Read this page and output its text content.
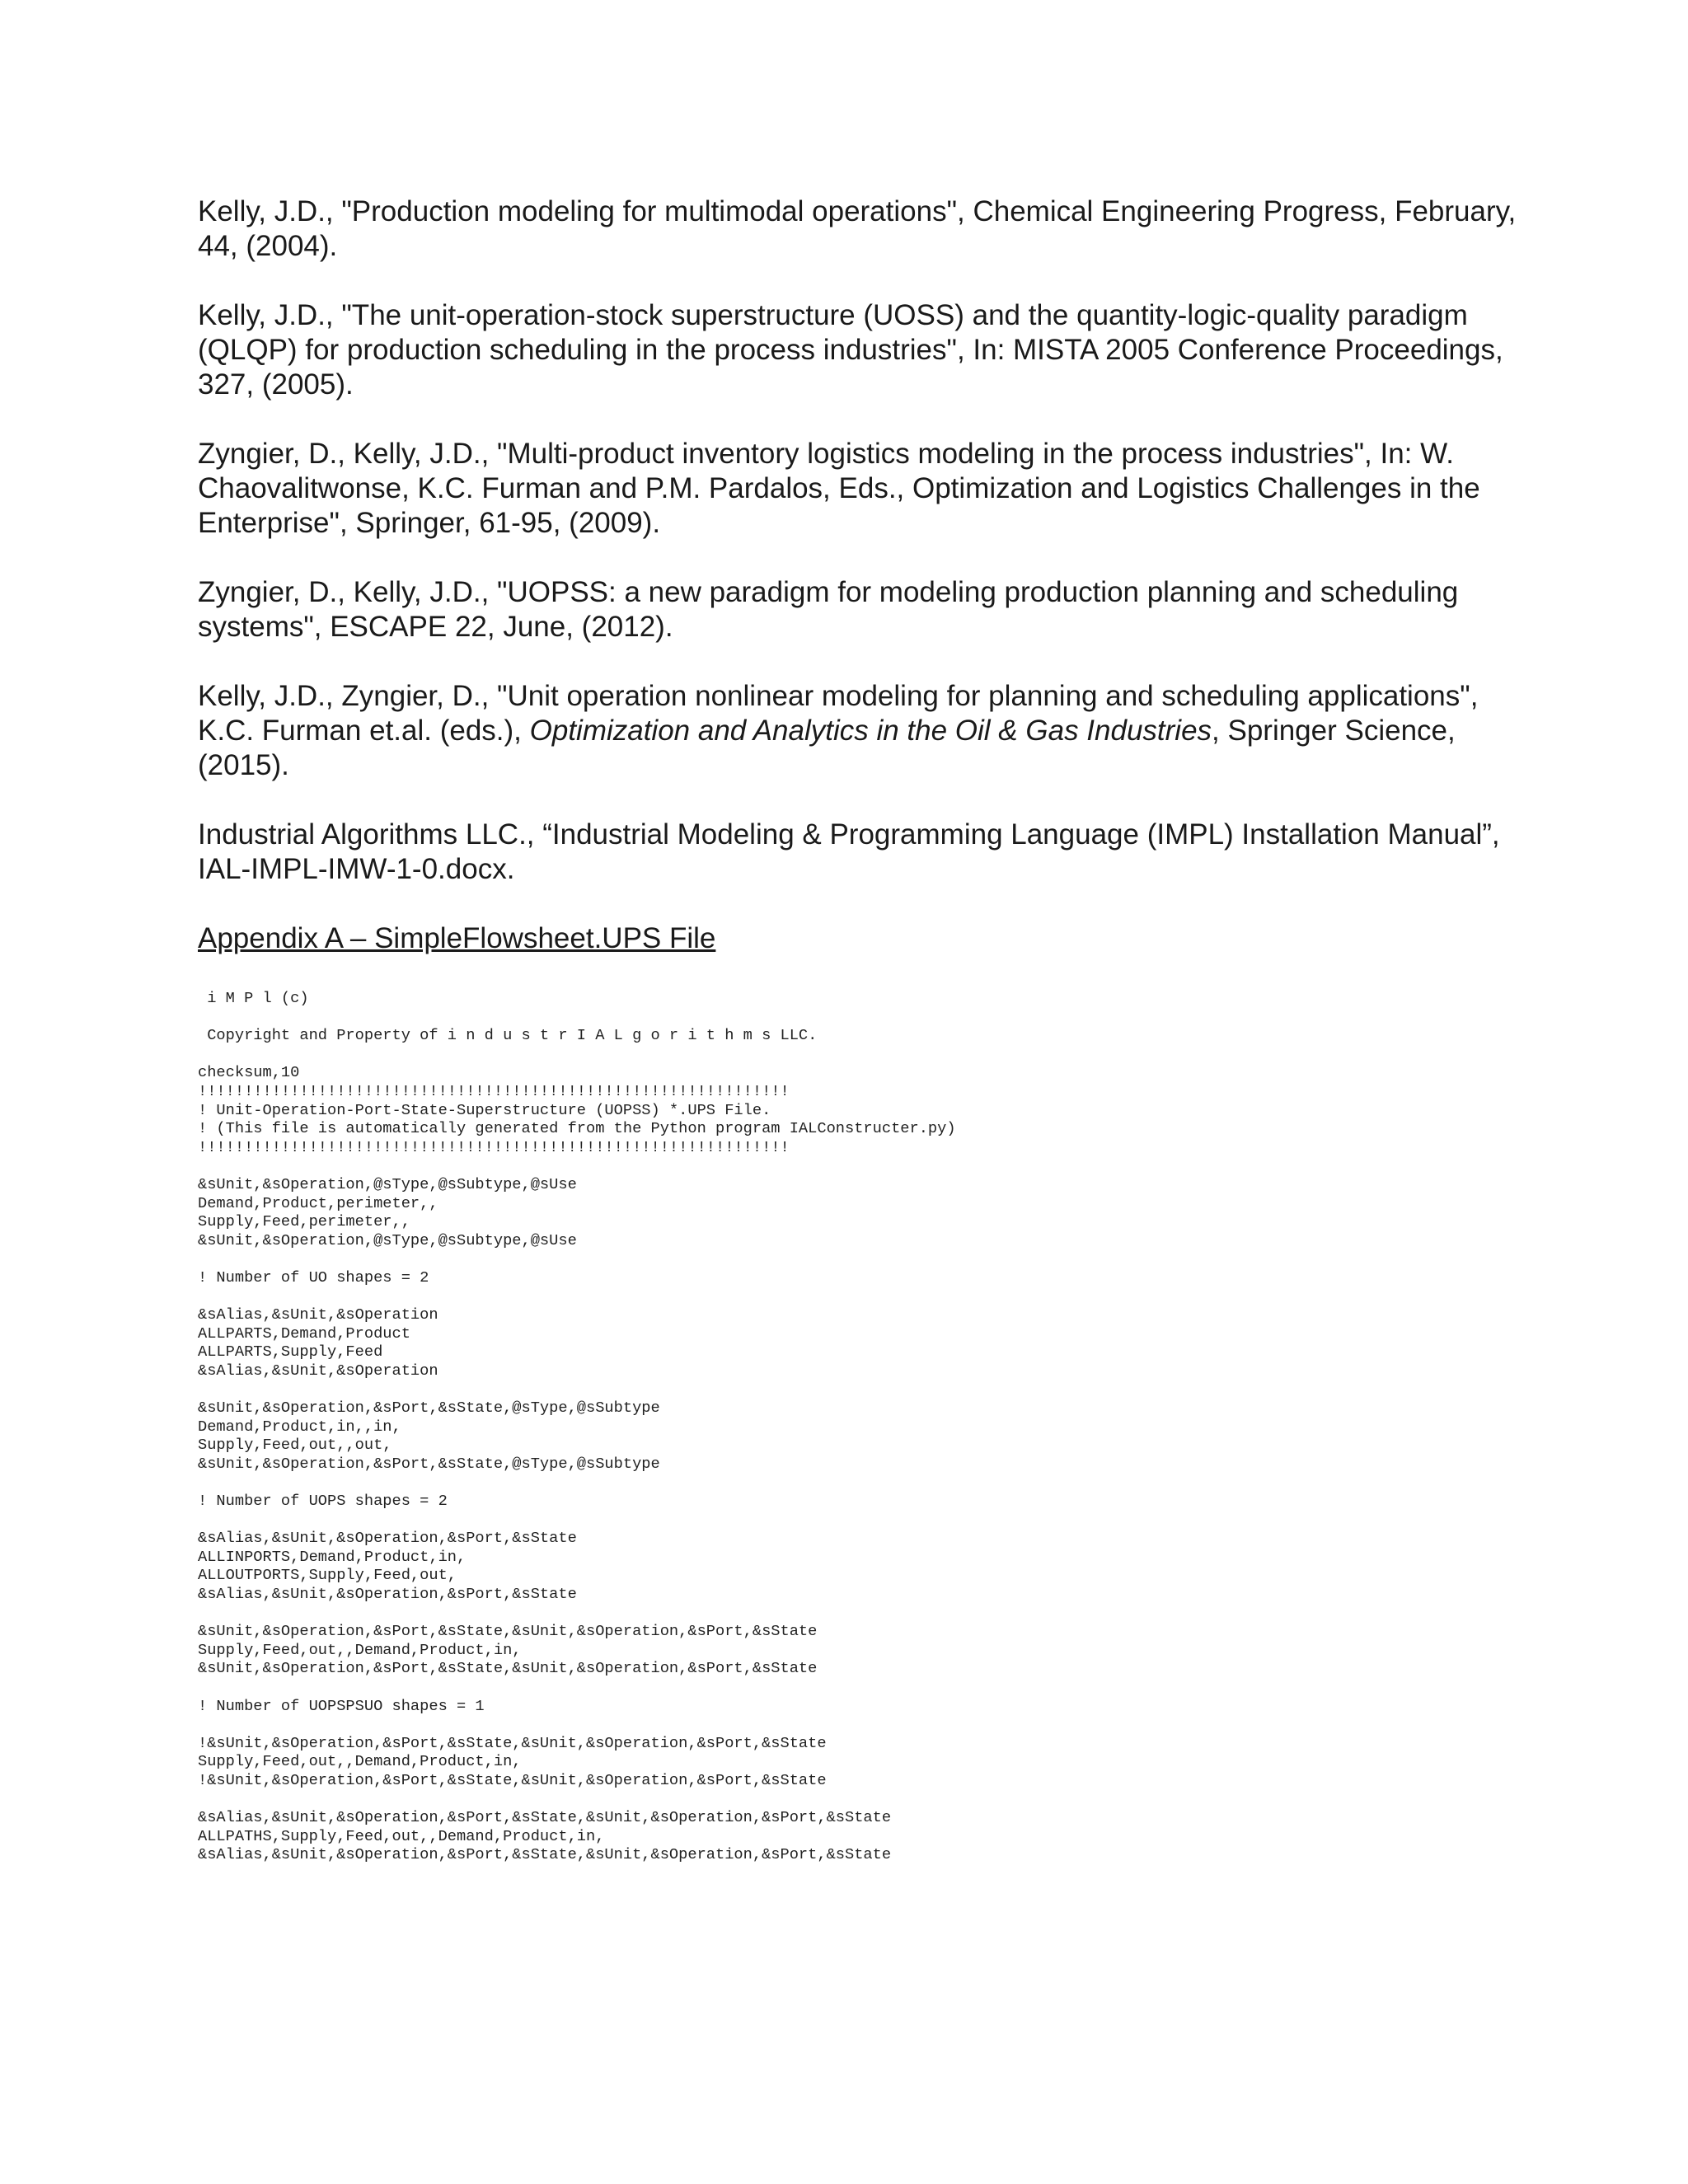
Kelly, J.D., "Production modeling for multimodal operations", Chemical Engineering Progress, February, 44, (2004).

Kelly, J.D., "The unit-operation-stock superstructure (UOSS) and the quantity-logic-quality paradigm (QLQP) for production scheduling in the process industries", In: MISTA 2005 Conference Proceedings, 327, (2005).

Zyngier, D., Kelly, J.D., "Multi-product inventory logistics modeling in the process industries", In: W. Chaovalitwonse, K.C. Furman and P.M. Pardalos, Eds., Optimization and Logistics Challenges in the Enterprise", Springer, 61-95, (2009).

Zyngier, D., Kelly, J.D., "UOPSS: a new paradigm for modeling production planning and scheduling systems", ESCAPE 22, June, (2012).

Kelly, J.D., Zyngier, D., "Unit operation nonlinear modeling for planning and scheduling applications", K.C. Furman et.al. (eds.), Optimization and Analytics in the Oil & Gas Industries, Springer Science, (2015).

Industrial Algorithms LLC., “Industrial Modeling & Programming Language (IMPL) Installation Manual”, IAL-IMPL-IMW-1-0.docx.

Appendix A – SimpleFlowsheet.UPS File

i M P l (c)
Copyright and Property of i n d u s t r I A L g o r i t h m s LLC.
checksum,10
!!!!!!!!!!!!!!!!!!!!!!!!!!!!!!!!!!!!!!!!!!!!!!!!!!!!!!!!!!!!!!!!
! Unit-Operation-Port-State-Superstructure (UOPSS) *.UPS File.
! (This file is automatically generated from the Python program IALConstructer.py)
!!!!!!!!!!!!!!!!!!!!!!!!!!!!!!!!!!!!!!!!!!!!!!!!!!!!!!!!!!!!!!!!
&sUnit,&sOperation,@sType,@sSubtype,@sUse
Demand,Product,perimeter,,
Supply,Feed,perimeter,,
&sUnit,&sOperation,@sType,@sSubtype,@sUse
! Number of UO shapes = 2
&sAlias,&sUnit,&sOperation
ALLPARTS,Demand,Product
ALLPARTS,Supply,Feed
&sAlias,&sUnit,&sOperation
&sUnit,&sOperation,&sPort,&sState,@sType,@sSubtype
Demand,Product,in,,in,
Supply,Feed,out,,out,
&sUnit,&sOperation,&sPort,&sState,@sType,@sSubtype
! Number of UOPS shapes = 2
&sAlias,&sUnit,&sOperation,&sPort,&sState
ALLINPORTS,Demand,Product,in,
ALLOUTPORTS,Supply,Feed,out,
&sAlias,&sUnit,&sOperation,&sPort,&sState
&sUnit,&sOperation,&sPort,&sState,&sUnit,&sOperation,&sPort,&sState
Supply,Feed,out,,Demand,Product,in,
&sUnit,&sOperation,&sPort,&sState,&sUnit,&sOperation,&sPort,&sState
! Number of UOPSPSUO shapes = 1
!&sUnit,&sOperation,&sPort,&sState,&sUnit,&sOperation,&sPort,&sState
Supply,Feed,out,,Demand,Product,in,
!&sUnit,&sOperation,&sPort,&sState,&sUnit,&sOperation,&sPort,&sState
&sAlias,&sUnit,&sOperation,&sPort,&sState,&sUnit,&sOperation,&sPort,&sState
ALLPATHS,Supply,Feed,out,,Demand,Product,in,
&sAlias,&sUnit,&sOperation,&sPort,&sState,&sUnit,&sOperation,&sPort,&sState
